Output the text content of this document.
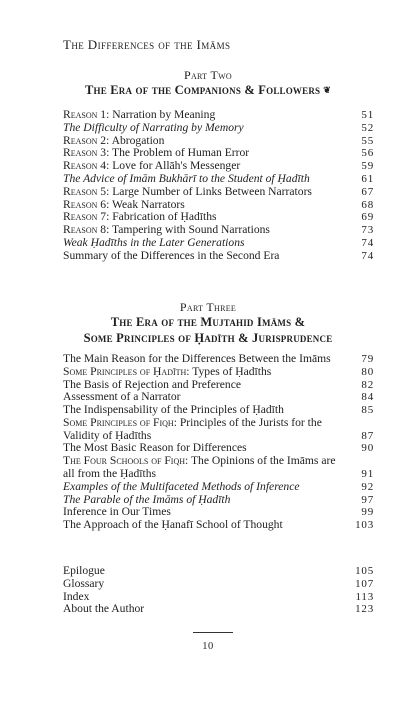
The Differences of the Imāms
Part Two
The Era of the Companions & Followers ❦
Reason 1: Narration by Meaning	51
The Difficulty of Narrating by Memory	52
Reason 2: Abrogation	55
Reason 3: The Problem of Human Error	56
Reason 4: Love for Allāh's Messenger	59
The Advice of Imām Bukhārī to the Student of Ḥadīth	61
Reason 5: Large Number of Links Between Narrators	67
Reason 6: Weak Narrators	68
Reason 7: Fabrication of Ḥadīths	69
Reason 8: Tampering with Sound Narrations	73
Weak Ḥadīths in the Later Generations	74
Summary of the Differences in the Second Era	74
Part Three
The Era of the Mujtahid Imāms &
Some Principles of Ḥadīth & Jurisprudence
The Main Reason for the Differences Between the Imāms	79
Some Principles of Ḥadīth: Types of Ḥadīths	80
The Basis of Rejection and Preference	82
Assessment of a Narrator	84
The Indispensability of the Principles of Ḥadīth	85
Some Principles of Fiqh: Principles of the Jurists for the Validity of Ḥadīths	87
The Most Basic Reason for Differences	90
The Four Schools of Fiqh: The Opinions of the Imāms are all from the Ḥadīths	91
Examples of the Multifaceted Methods of Inference	92
The Parable of the Imāms of Ḥadīth	97
Inference in Our Times	99
The Approach of the Ḥanafī School of Thought	103
Epilogue	105
Glossary	107
Index	113
About the Author	123
10
